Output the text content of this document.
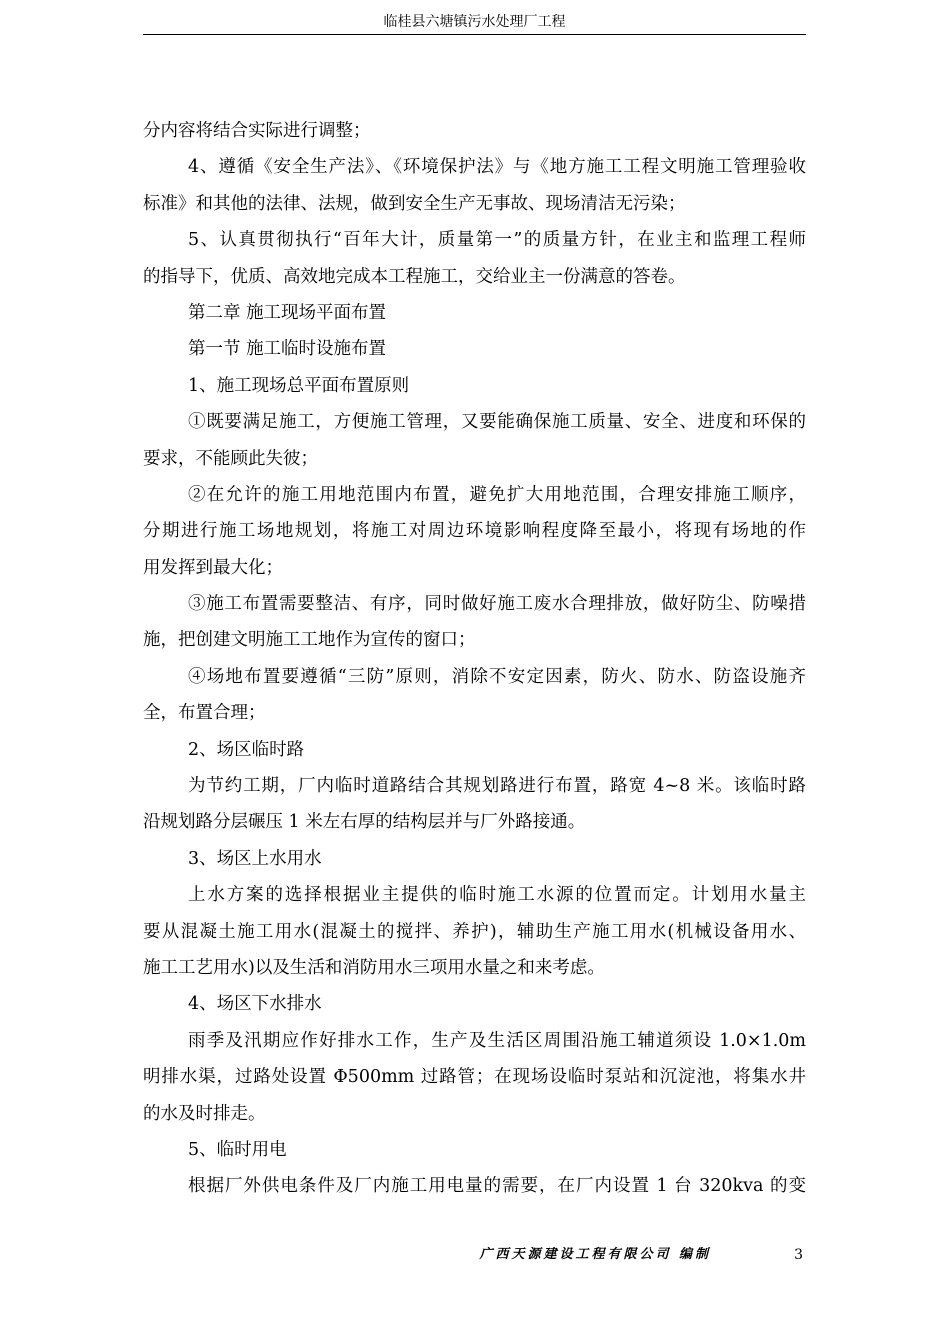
临桂县六塘镇污水处理厂工程
分内容将结合实际进行调整；
4、遵循《安全生产法》、《环境保护法》与《地方施工工程文明施工管理验收
标准》和其他的法律、法规，做到安全生产无事故、现场清洁无污染；
5、认真贯彻执行“百年大计，质量第一”的质量方针，在业主和监理工程师
的指导下，优质、高效地完成本工程施工，交给业主一份满意的答卷。
第二章 施工现场平面布置
第一节 施工临时设施布置
1、施工现场总平面布置原则
①既要满足施工，方便施工管理，又要能确保施工质量、安全、进度和环保的
要求，不能顾此失彼；
②在允许的施工用地范围内布置，避免扩大用地范围，合理安排施工顺序，
分期进行施工场地规划，将施工对周边环境影响程度降至最小，将现有场地的作
用发挥到最大化；
③施工布置需要整洁、有序，同时做好施工废水合理排放，做好防尘、防噪措
施，把创建文明施工工地作为宣传的窗口；
④场地布置要遵循“三防”原则，消除不安定因素，防火、防水、防盗设施齐
全，布置合理；
2、场区临时路
为节约工期，厂内临时道路结合其规划路进行布置，路宽 4~8 米。该临时路
沿规划路分层碾压 1 米左右厚的结构层并与厂外路接通。
3、场区上水用水
上水方案的选择根据业主提供的临时施工水源的位置而定。计划用水量主
要从混凝土施工用水(混凝土的搅拌、养护)，辅助生产施工用水(机械设备用水、
施工工艺用水)以及生活和消防用水三项用水量之和来考虑。
4、场区下水排水
雨季及汛期应作好排水工作，生产及生活区周围沿施工辅道须设 1.0×1.0m
明排水渠，过路处设置 Φ500mm 过路管；在现场设临时泵站和沉淀池，将集水井
的水及时排走。
5、临时用电
根据厂外供电条件及厂内施工用电量的需要，在厂内设置 1 台 320kva 的变
广西天源建设工程有限公司 编制	3
